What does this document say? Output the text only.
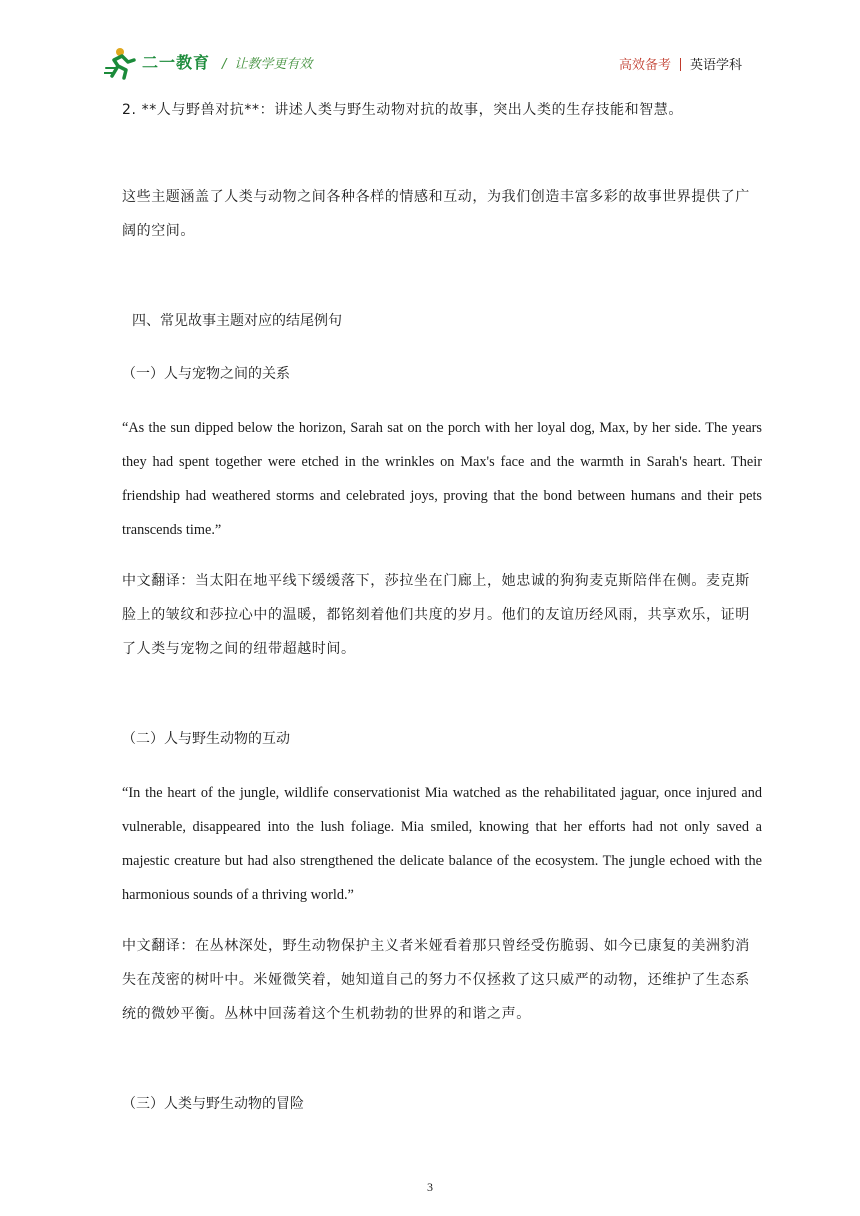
二一教育 / 让教学更有效	高效备考 英语学科
2. **人与野兽对抗**：讲述人类与野生动物对抗的故事，突出人类的生存技能和智慧。
这些主题涵盖了人类与动物之间各种各样的情感和互动，为我们创造丰富多彩的故事世界提供了广阔的空间。
四、常见故事主题对应的结尾例句
（一）人与宠物之间的关系
“As the sun dipped below the horizon, Sarah sat on the porch with her loyal dog, Max, by her side. The years they had spent together were etched in the wrinkles on Max's face and the warmth in Sarah's heart. Their friendship had weathered storms and celebrated joys, proving that the bond between humans and their pets transcends time.”
中文翻译：当太阳在地平线下缓缓落下，莎拉坐在门廊上，她忠诚的狗狗麦克斯陪伴在侧。麦克斯脸上的皱纹和莎拉心中的温暖，都铭刻着他们共度的岁月。他们的友谊历经风雨，共享欢乐，证明了人类与宠物之间的纽带超越时间。
（二）人与野生动物的互动
“In the heart of the jungle, wildlife conservationist Mia watched as the rehabilitated jaguar, once injured and vulnerable, disappeared into the lush foliage. Mia smiled, knowing that her efforts had not only saved a majestic creature but had also strengthened the delicate balance of the ecosystem. The jungle echoed with the harmonious sounds of a thriving world.”
中文翻译：在丛林深处，野生动物保护主义者米娅看着那只曾经受伤脆弱、如今已康复的美洲豹消失在茂密的树叶中。米娅微笑着，她知道自己的努力不仅拯救了这只威严的动物，还维护了生态系统的微妙平衡。丛林中回荡着这个生机勃勃的世界的和谐之声。
（三）人类与野生动物的冒险
3
